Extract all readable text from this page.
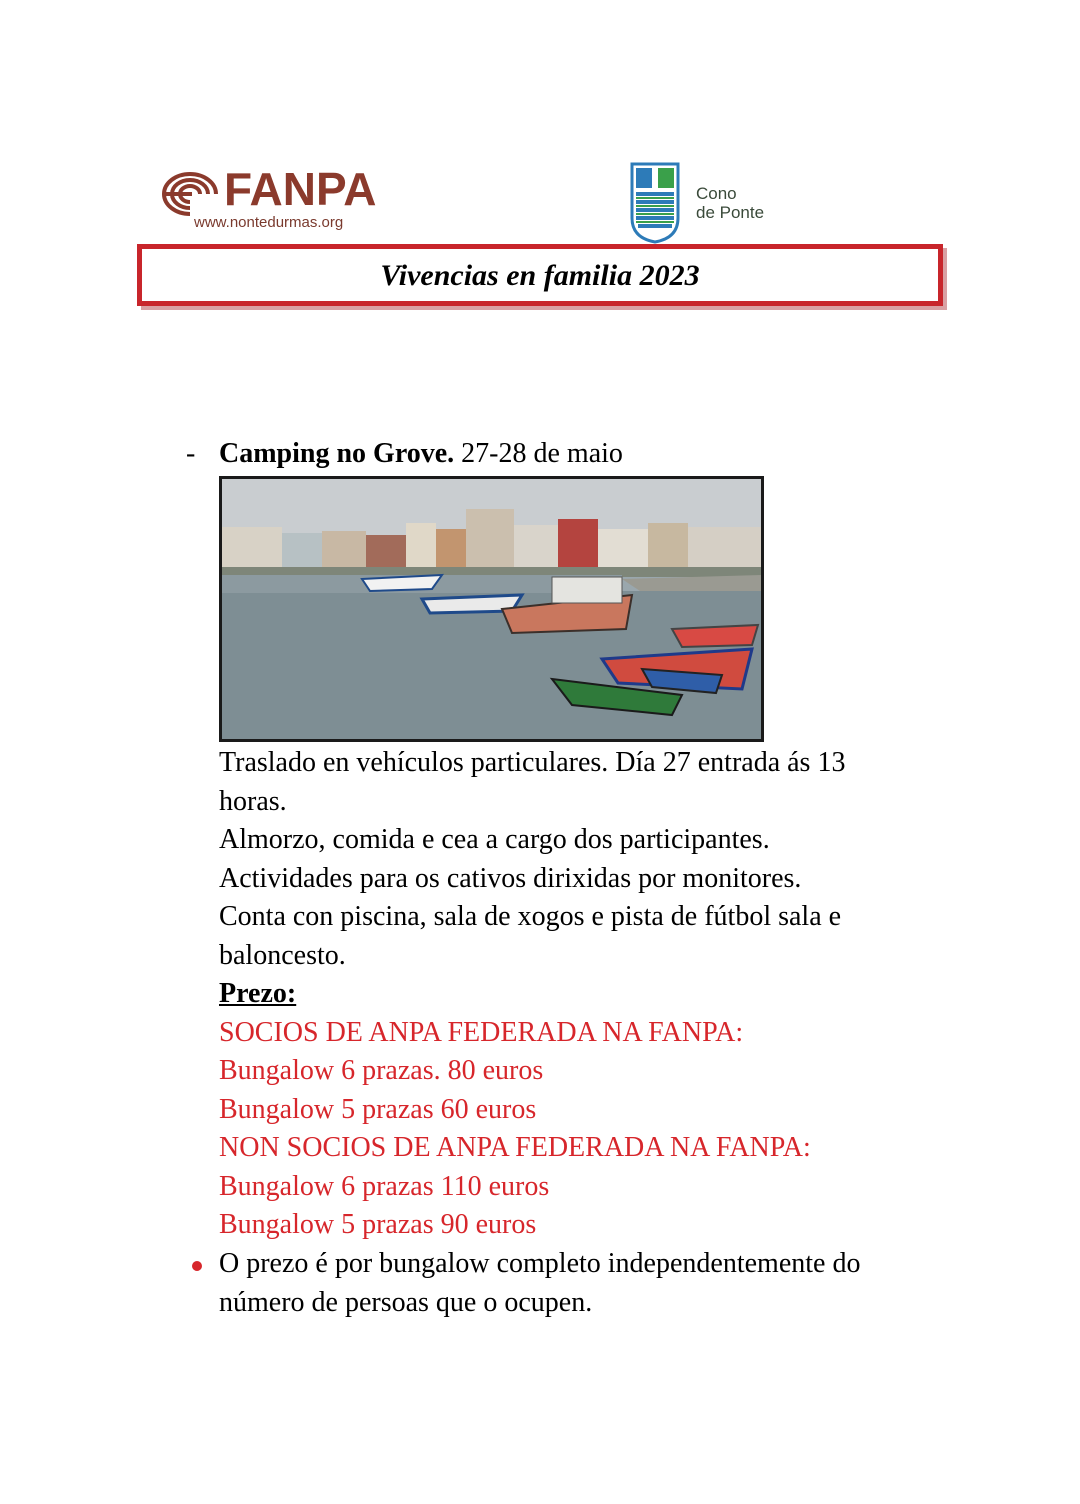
FANPA
www.nontedurmas.org
Cono
de Ponte
Vivencias en familia 2023
- Camping no Grove. 27-28 de maio

Traslado en vehículos particulares. Día 27 entrada ás 13 horas.

Almorzo, comida e cea a cargo dos participantes.

Actividades para os cativos dirixidas por monitores.

Conta con piscina, sala de xogos e pista de fútbol sala e baloncesto.

Prezo:

SOCIOS DE ANPA FEDERADA NA FANPA:

Bungalow 6 prazas. 80 euros

Bungalow 5 prazas 60 euros

NON SOCIOS DE ANPA FEDERADA NA FANPA:

Bungalow 6 prazas 110 euros

Bungalow 5 prazas 90 euros

O prezo é por bungalow completo independentemente do número de persoas que o ocupen.
